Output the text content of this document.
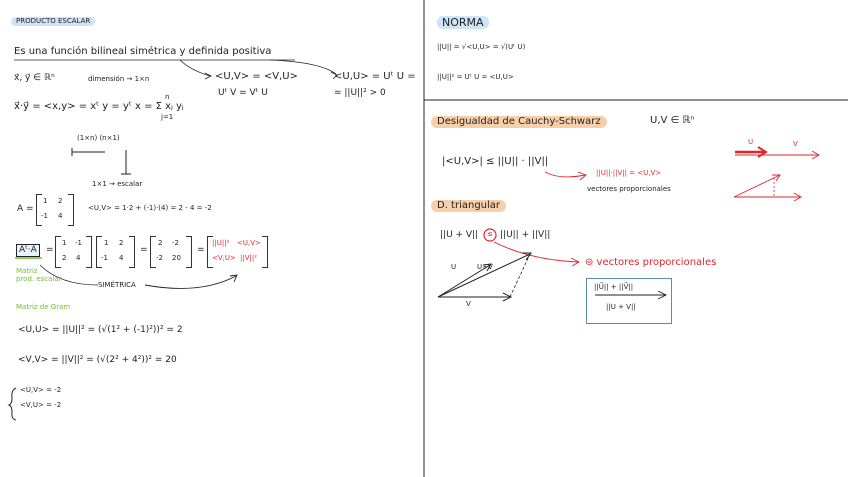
PRODUCTO ESCALAR
Es una función bilineal simétrica y definida positiva
x⃗, y⃗ ∈ ℝⁿ	dimensión → 1×n	<U,V> = <V,U>
Uᵗ V = Vᵗ U
<U,U> = Uᵗ U =
= ||U||² > 0
x⃗·y⃗ = <x,y> = xᵗ y = yᵗ x = Σ xⱼ yⱼ
n
j=1
(1×n) (n×1)
1×1 → escalar
A =
1 2
-1 4
<U,V> = 1·2 + (-1)·(4) = 2 - 4 = -2
Aᵗ·A	=
1 -1
2 4
1 2
-1 4
=
2 -2
-2 20
=
||U||² <U,V>
<V,U> ||V||²
Matriz
prod. escalar
SIMÉTRICA
Matriz de Gram
<U,U> = ||U||² = (√(1² + (-1)²))² = 2
<V,V> = ||V||² = (√(2² + 4²))² = 20
<U,V> = -2
<V,U> = -2
NORMA
||U|| = √<U,U> = √(Uᵗ U)
||U||² = Uᵗ U = <U,U>
Desigualdad de Cauchy-Schwarz	U,V ∈ ℝⁿ
|<U,V>| ≤ ||U|| · ||V||
||U||·||V|| = <U,V>
vectores proporcionales
U	V
D. triangular
||U + V|| ≤ ||U|| + ||V||
⊜ vectores proporcionales
U	U+V
V
||U⃗|| + ||V⃗||
||U + V||
